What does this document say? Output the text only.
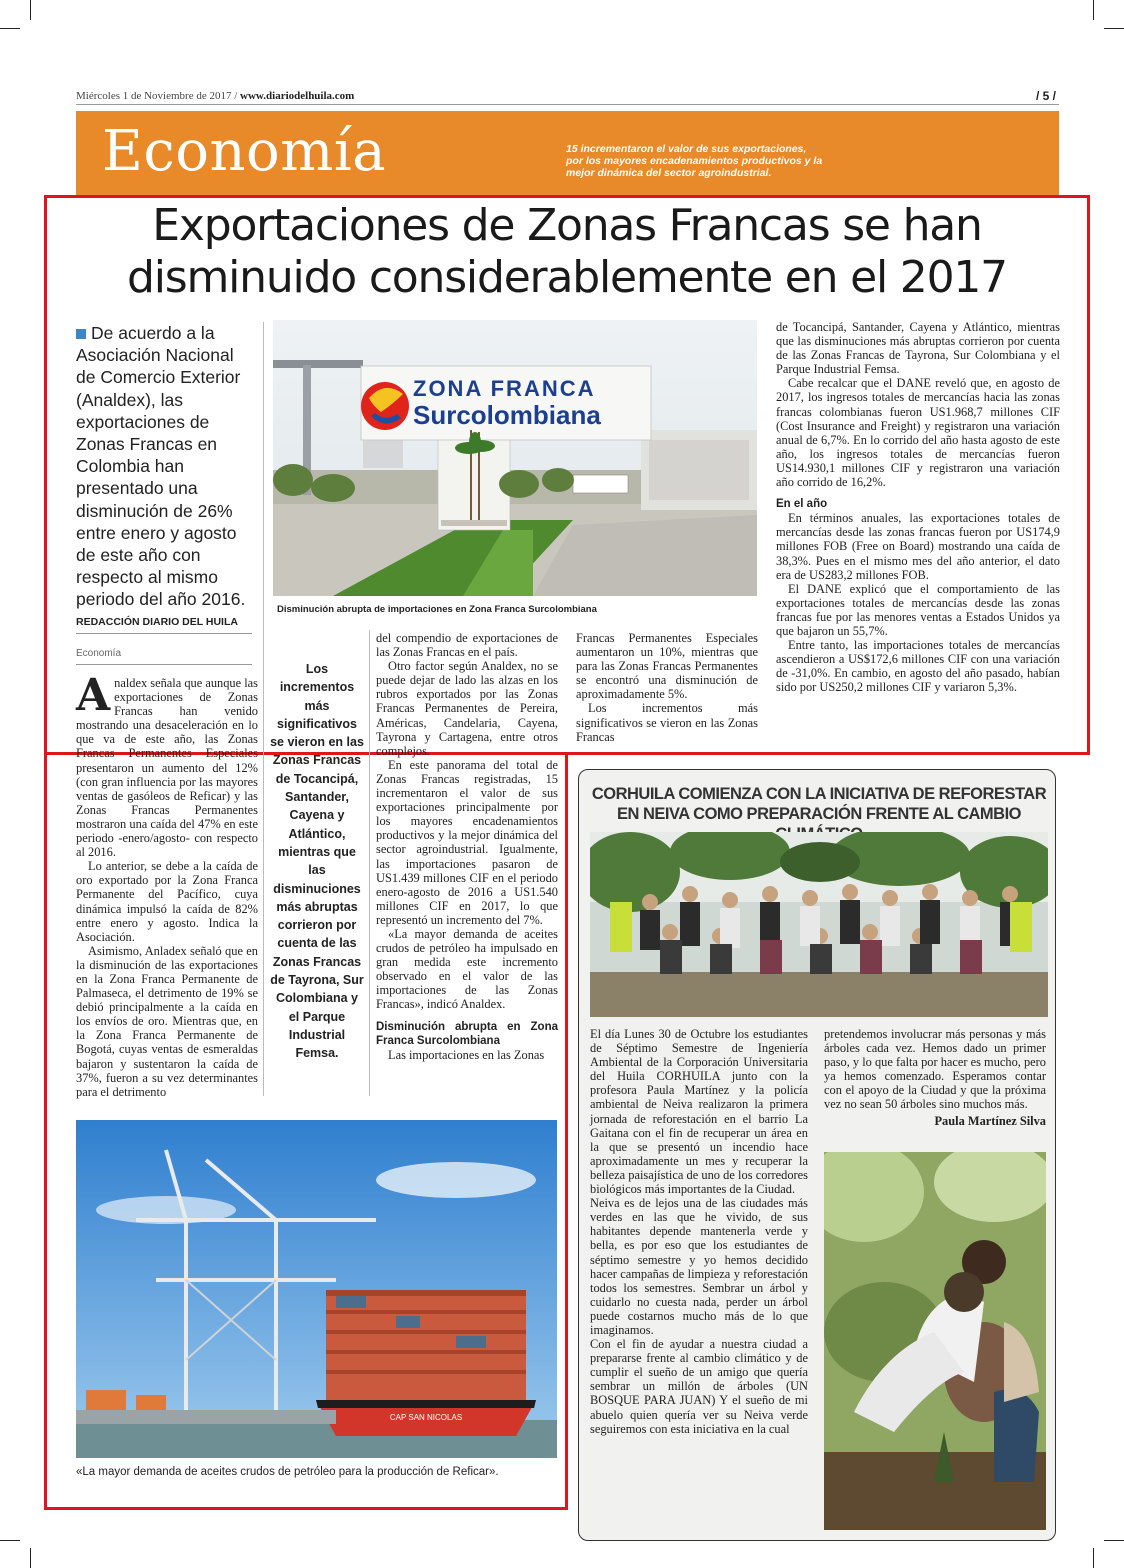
Miércoles 1 de Noviembre de 2017 / www.diariodelhuila.com	/ 5 /
Economía	15 incrementaron el valor de sus exportaciones, por los mayores encadenamientos productivos y la mejor dinámica del sector agroindustrial.
Exportaciones de Zonas Francas se han disminuido considerablemente en el 2017
De acuerdo a la Asociación Nacional de Comercio Exterior (Analdex), las exportaciones de Zonas Francas en Colombia han presentado una disminución de 26% entre enero y agosto de este año con respecto al mismo periodo del año 2016.
REDACCIÓN DIARIO DEL HUILA
Economía
ZONA FRANCA
Surcolombiana
Disminución abrupta de importaciones en Zona Franca Surcolombiana

Analdex señala que aunque las exportaciones de Zonas Francas han venido mostrando una desaceleración en lo que va de este año, las Zonas Francas Permanentes Especiales presentaron un aumento del 12% (con gran influencia por las mayores ventas de gasóleos de Reficar) y las Zonas Francas Permanentes mostraron una caída del 47% en este periodo -enero/agosto- con respecto al 2016.

Lo anterior, se debe a la caída de oro exportado por la Zona Franca Permanente del Pacífico, cuya dinámica impulsó la caída de 82% entre enero y agosto. Indica la Asociación.

Asimismo, Anladex señaló que en la disminución de las exportaciones en la Zona Franca Permanente de Palmaseca, el detrimento de 19% se debió principalmente a la caída en los envíos de oro. Mientras que, en la Zona Franca Permanente de Bogotá, cuyas ventas de esmeraldas bajaron y sustentaron la caída de 37%, fueron a su vez determinantes para el detrimento

Los incrementos más significativos se vieron en las Zonas Francas de Tocancipá, Santander, Cayena y Atlántico, mientras que las disminuciones más abruptas corrieron por cuenta de las Zonas Francas de Tayrona, Sur Colombiana y el Parque Industrial Femsa.

del compendio de exportaciones de las Zonas Francas en el país.

Otro factor según Analdex, no se puede dejar de lado las alzas en los rubros exportados por las Zonas Francas Permanentes de Pereira, Américas, Candelaria, Cayena, Tayrona y Cartagena, entre otros complejos.

En este panorama del total de Zonas Francas registradas, 15 incrementaron el valor de sus exportaciones principalmente por los mayores encadenamientos productivos y la mejor dinámica del sector agroindustrial. Igualmente, las importaciones pasaron de US1.439 millones CIF en el periodo enero-agosto de 2016 a US1.540 millones CIF en 2017, lo que representó un incremento del 7%.

«La mayor demanda de aceites crudos de petróleo ha impulsado en gran medida este incremento observado en el valor de las importaciones de las Zonas Francas», indicó Analdex.

Disminución abrupta en Zona Franca Surcolombiana

Las importaciones en las Zonas

Francas Permanentes Especiales aumentaron un 10%, mientras que para las Zonas Francas Permanentes se encontró una disminución de aproximadamente 5%.

Los incrementos más significativos se vieron en las Zonas Francas

de Tocancipá, Santander, Cayena y Atlántico, mientras que las disminuciones más abruptas corrieron por cuenta de las Zonas Francas de Tayrona, Sur Colombiana y el Parque Industrial Femsa.

Cabe recalcar que el DANE reveló que, en agosto de 2017, los ingresos totales de mercancías hacia las zonas francas colombianas fueron US1.968,7 millones CIF (Cost Insurance and Freight) y registraron una variación anual de 6,7%. En lo corrido del año hasta agosto de este año, los ingresos totales de mercancías fueron US14.930,1 millones CIF y registraron una variación año corrido de 16,2%.

En el año

En términos anuales, las exportaciones totales de mercancías desde las zonas francas fueron por US174,9 millones FOB (Free on Board) mostrando una caída de 38,3%. Pues en el mismo mes del año anterior, el dato era de US283,2 millones FOB.

El DANE explicó que el comportamiento de las exportaciones totales de mercancías desde las zonas francas fue por las menores ventas a Estados Unidos ya que bajaron un 55,7%.

Entre tanto, las importaciones totales de mercancías ascendieron a US$172,6 millones CIF con una variación de -31,0%. En cambio, en agosto del año pasado, habían sido por US250,2 millones CIF y variaron 5,3%.

CAP SAN NICOLAS
«La mayor demanda de aceites crudos de petróleo para la producción de Reficar».
CORHUILA COMIENZA CON LA INICIATIVA DE REFORESTAR EN NEIVA COMO PREPARACIÓN FRENTE AL CAMBIO

El día Lunes 30 de Octubre los estudiantes de Séptimo Semestre de Ingeniería Ambiental de la Corporación Universitaria del Huila CORHUILA junto con la profesora Paula Martínez y la policía ambiental de Neiva realizaron la primera jornada de reforestación en el barrio La Gaitana con el fin de recuperar un área en la que se presentó un incendio hace aproximadamente un mes y recuperar la belleza paisajística de uno de los corredores biológicos más importantes de la Ciudad.

Neiva es de lejos una de las ciudades más verdes en las que he vivido, de sus habitantes depende mantenerla verde y bella, es por eso que los estudiantes de séptimo semestre y yo hemos decidido hacer campañas de limpieza y reforestación todos los semestres. Sembrar un árbol y cuidarlo no cuesta nada, perder un árbol puede costarnos mucho más de lo que imaginamos.

Con el fin de ayudar a nuestra ciudad a prepararse frente al cambio climático y de cumplir el sueño de un amigo que quería sembrar un millón de árboles (UN BOSQUE PARA JUAN) Y el sueño de mi abuelo quien quería ver su Neiva verde seguiremos con esta iniciativa en la cual

pretendemos involucrar más personas y más árboles cada vez. Hemos dado un primer paso, y lo que falta por hacer es mucho, pero ya hemos comenzado. Esperamos contar con el apoyo de la Ciudad y que la próxima vez no sean 50 árboles sino muchos más.

Paula Martínez Silva
